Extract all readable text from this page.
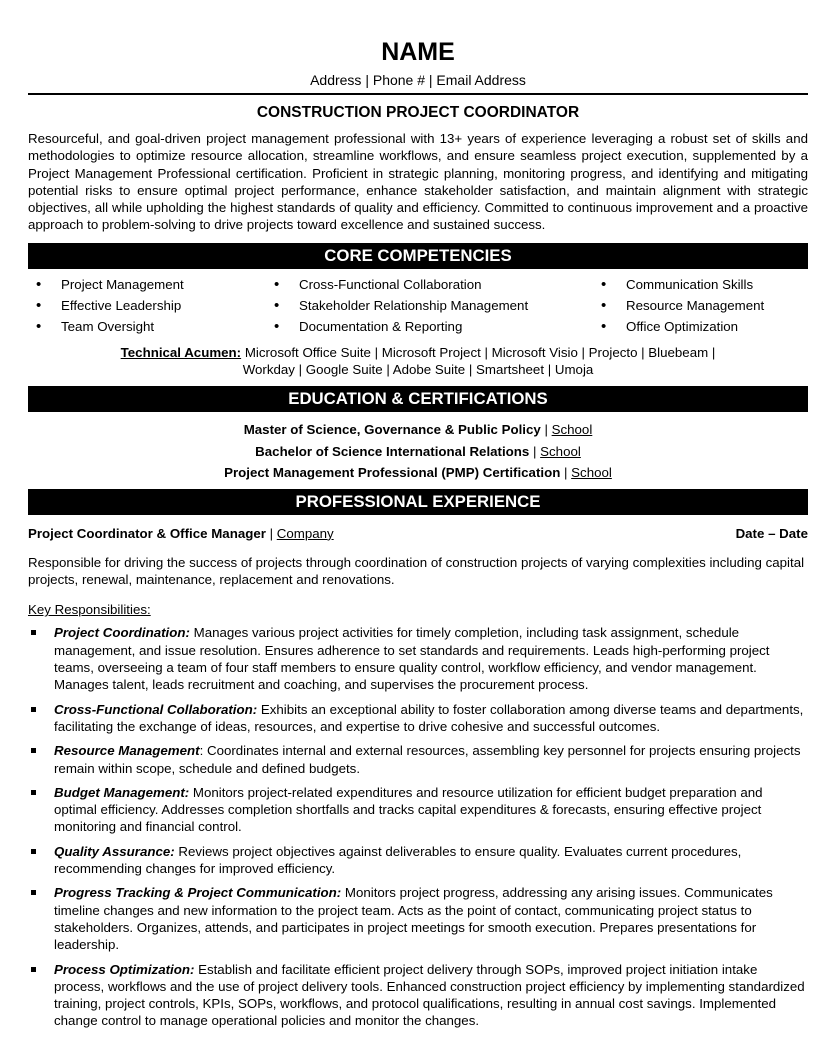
NAME
Address | Phone # | Email Address
CONSTRUCTION PROJECT COORDINATOR
Resourceful, and goal-driven project management professional with 13+ years of experience leveraging a robust set of skills and methodologies to optimize resource allocation, streamline workflows, and ensure seamless project execution, supplemented by a Project Management Professional certification. Proficient in strategic planning, monitoring progress, and identifying and mitigating potential risks to ensure optimal project performance, enhance stakeholder satisfaction, and maintain alignment with strategic objectives, all while upholding the highest standards of quality and efficiency. Committed to continuous improvement and a proactive approach to problem-solving to drive projects toward excellence and sustained success.
CORE COMPETENCIES
• Project Management
• Effective Leadership
• Team Oversight
• Cross-Functional Collaboration
• Stakeholder Relationship Management
• Documentation & Reporting
• Communication Skills
• Resource Management
• Office Optimization
Technical Acumen: Microsoft Office Suite | Microsoft Project | Microsoft Visio | Projecto | Bluebeam |
Workday | Google Suite | Adobe Suite | Smartsheet | Umoja
EDUCATION & CERTIFICATIONS
Master of Science, Governance & Public Policy | School
Bachelor of Science International Relations | School
Project Management Professional (PMP) Certification | School
PROFESSIONAL EXPERIENCE
Project Coordinator & Office Manager | Company	Date – Date
Responsible for driving the success of projects through coordination of construction projects of varying complexities including capital projects, renewal, maintenance, replacement and renovations.
Key Responsibilities:
Project Coordination: Manages various project activities for timely completion, including task assignment, schedule management, and issue resolution. Ensures adherence to set standards and requirements. Leads high-performing project teams, overseeing a team of four staff members to ensure quality control, workflow efficiency, and vendor management. Manages talent, leads recruitment and coaching, and supervises the procurement process.
Cross-Functional Collaboration: Exhibits an exceptional ability to foster collaboration among diverse teams and departments, facilitating the exchange of ideas, resources, and expertise to drive cohesive and successful outcomes.
Resource Management: Coordinates internal and external resources, assembling key personnel for projects ensuring projects remain within scope, schedule and defined budgets.
Budget Management: Monitors project-related expenditures and resource utilization for efficient budget preparation and optimal efficiency. Addresses completion shortfalls and tracks capital expenditures & forecasts, ensuring effective project monitoring and financial control.
Quality Assurance: Reviews project objectives against deliverables to ensure quality. Evaluates current procedures, recommending changes for improved efficiency.
Progress Tracking & Project Communication: Monitors project progress, addressing any arising issues. Communicates timeline changes and new information to the project team. Acts as the point of contact, communicating project status to stakeholders. Organizes, attends, and participates in project meetings for smooth execution. Prepares presentations for leadership.
Process Optimization: Establish and facilitate efficient project delivery through SOPs, improved project initiation intake process, workflows and the use of project delivery tools. Enhanced construction project efficiency by implementing standardized training, project controls, KPIs, SOPs, workflows, and protocol qualifications, resulting in annual cost savings. Implemented change control to manage operational policies and monitor the changes.
